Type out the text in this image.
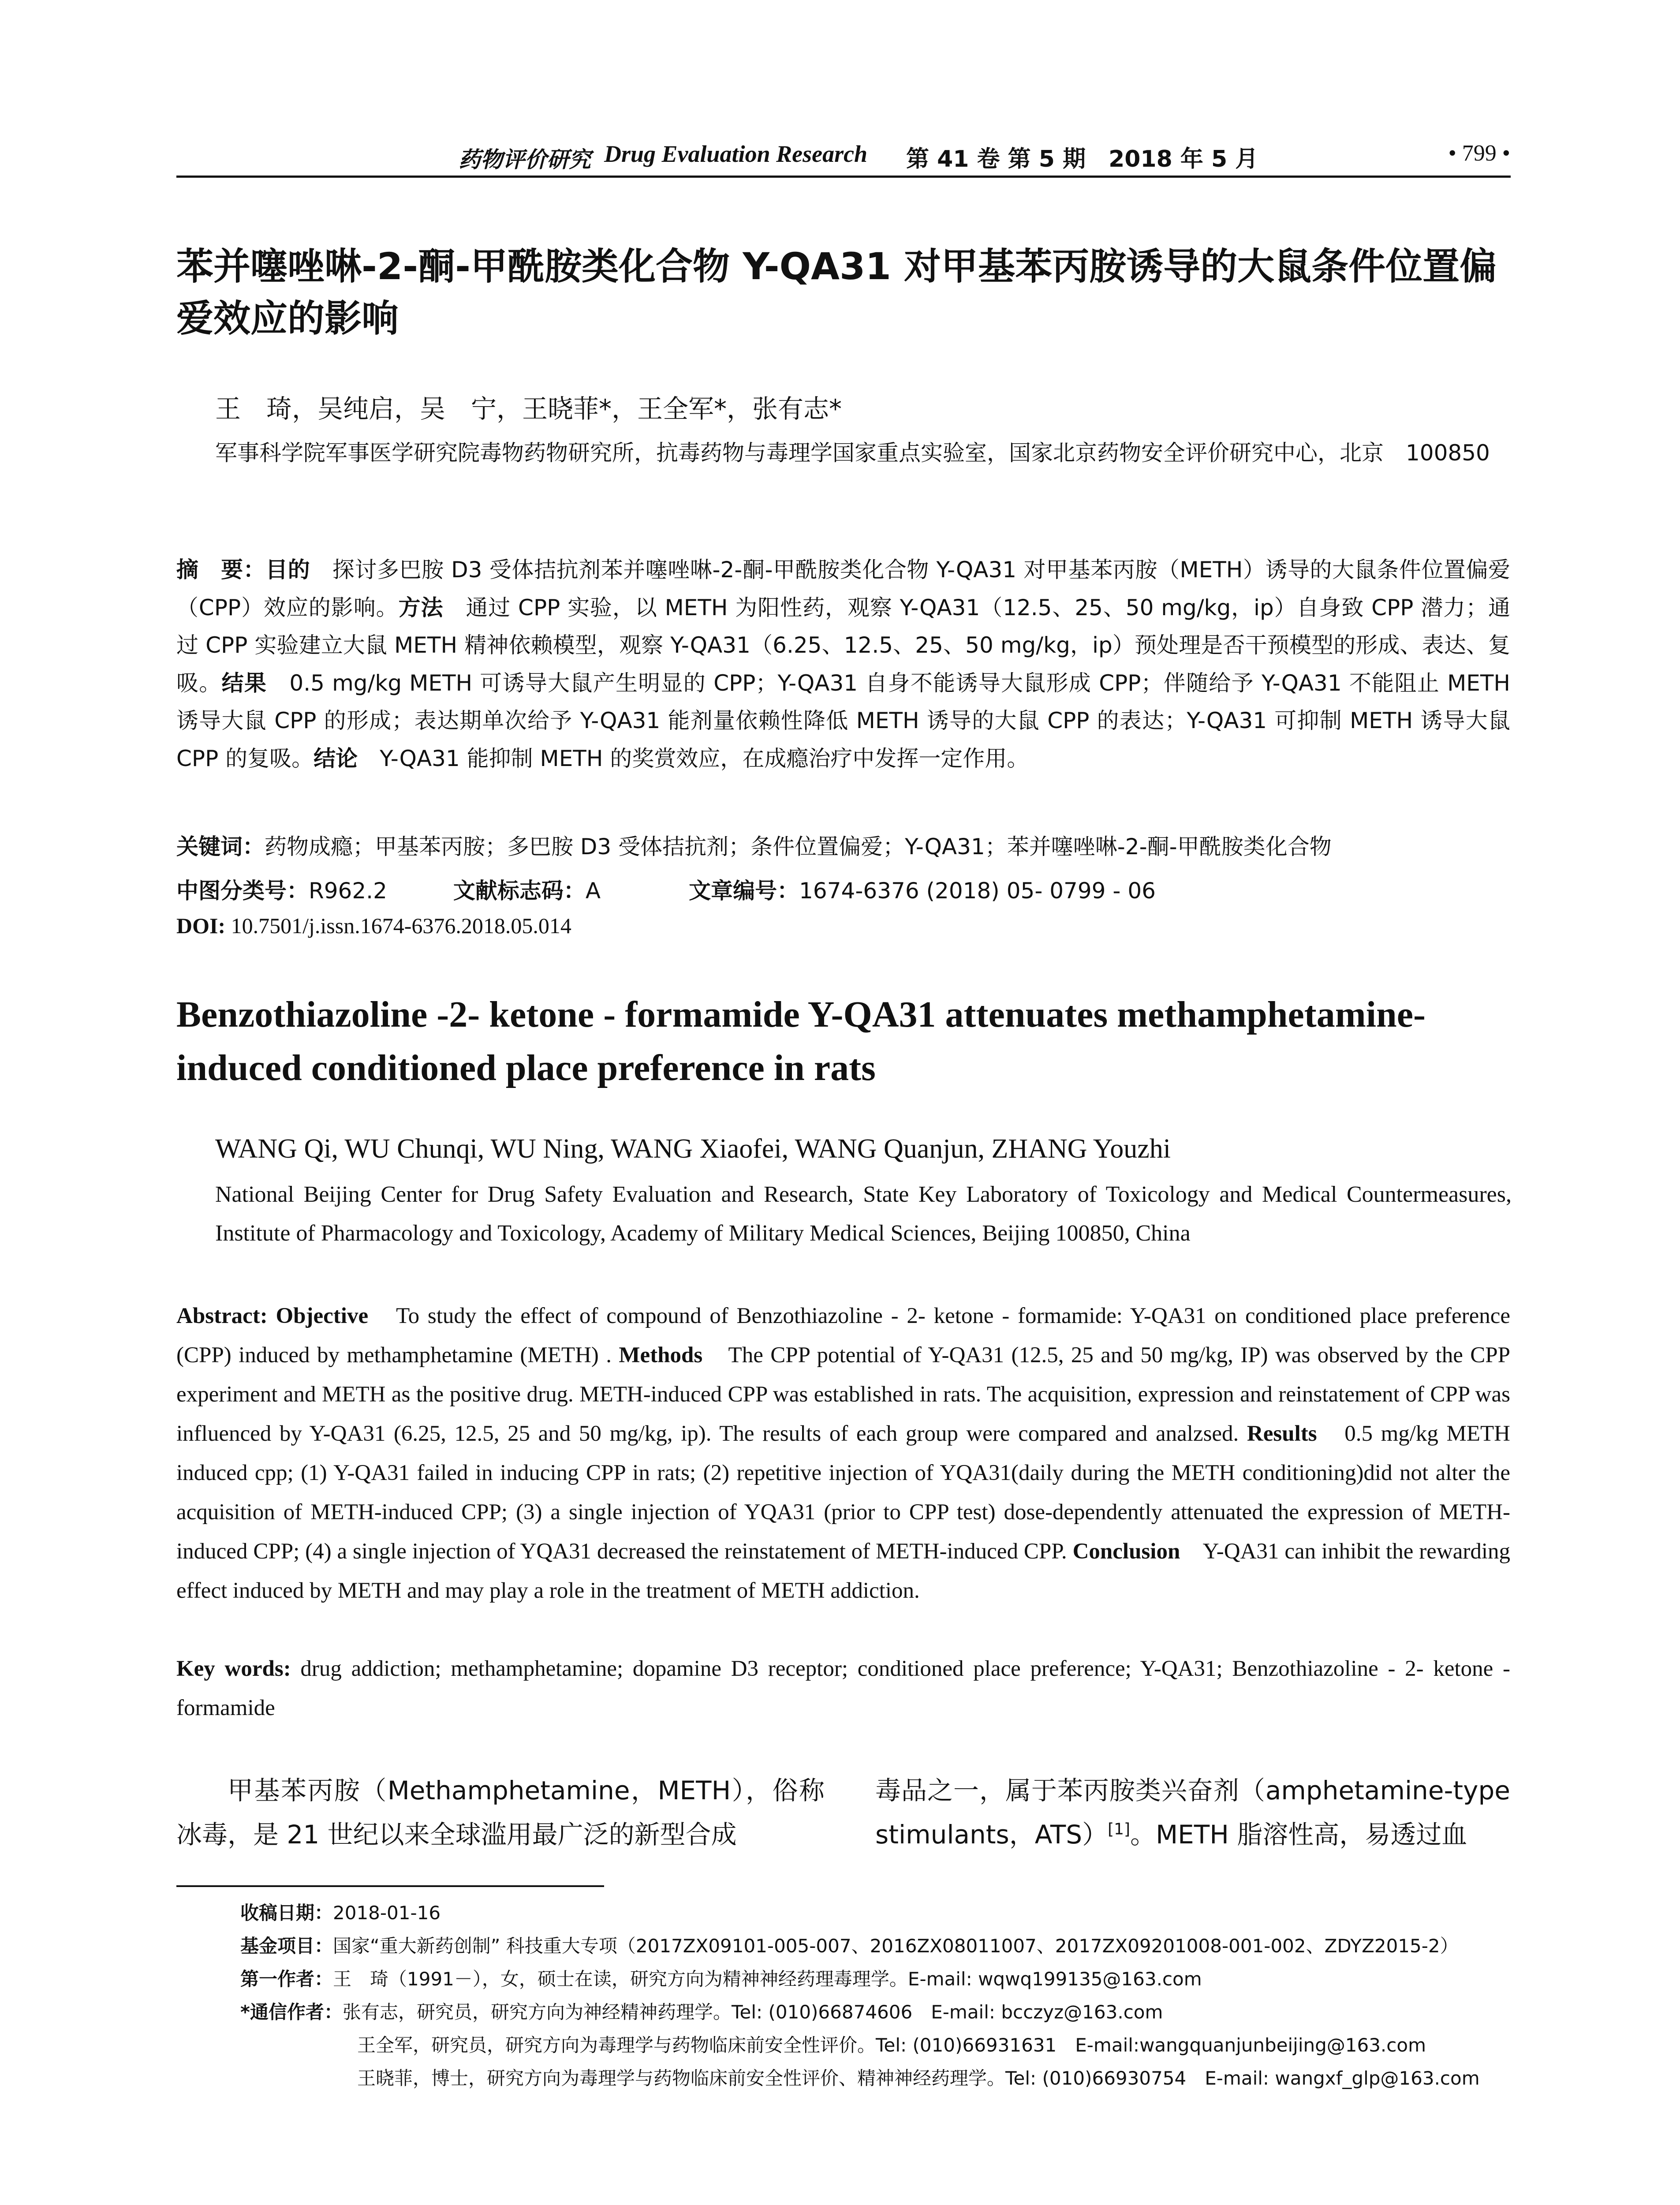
药物评价研究 Drug Evaluation Research 第 41 卷 第 5 期　2018 年 5 月	• 799 •
苯并噻唑啉-2-酮-甲酰胺类化合物 Y-QA31 对甲基苯丙胺诱导的大鼠条件位置偏爱效应的影响
王　琦，吴纯启，吴　宁，王晓菲*，王全军*，张有志*
军事科学院军事医学研究院毒物药物研究所，抗毒药物与毒理学国家重点实验室，国家北京药物安全评价研究中心，北京　100850
摘　要：目的　探讨多巴胺 D3 受体拮抗剂苯并噻唑啉-2-酮-甲酰胺类化合物 Y-QA31 对甲基苯丙胺（METH）诱导的大鼠条件位置偏爱（CPP）效应的影响。方法　通过 CPP 实验，以 METH 为阳性药，观察 Y-QA31（12.5、25、50 mg/kg，ip）自身致 CPP 潜力；通过 CPP 实验建立大鼠 METH 精神依赖模型，观察 Y-QA31（6.25、12.5、25、50 mg/kg，ip）预处理是否干预模型的形成、表达、复吸。结果　0.5 mg/kg METH 可诱导大鼠产生明显的 CPP；Y-QA31 自身不能诱导大鼠形成 CPP；伴随给予 Y-QA31 不能阻止 METH 诱导大鼠 CPP 的形成；表达期单次给予 Y-QA31 能剂量依赖性降低 METH 诱导的大鼠 CPP 的表达；Y-QA31 可抑制 METH 诱导大鼠 CPP 的复吸。结论　Y-QA31 能抑制 METH 的奖赏效应，在成瘾治疗中发挥一定作用。
关键词：药物成瘾；甲基苯丙胺；多巴胺 D3 受体拮抗剂；条件位置偏爱；Y-QA31；苯并噻唑啉-2-酮-甲酰胺类化合物
中图分类号：R962.2	文献标志码：A	文章编号：1674-6376 (2018) 05- 0799 - 06
DOI: 10.7501/j.issn.1674-6376.2018.05.014
Benzothiazoline -2- ketone - formamide Y-QA31 attenuates methamphetamine-induced conditioned place preference in rats
WANG Qi, WU Chunqi, WU Ning, WANG Xiaofei, WANG Quanjun, ZHANG Youzhi
National Beijing Center for Drug Safety Evaluation and Research, State Key Laboratory of Toxicology and Medical Countermeasures, Institute of Pharmacology and Toxicology, Academy of Military Medical Sciences, Beijing 100850, China
Abstract: Objective　To study the effect of compound of Benzothiazoline - 2- ketone - formamide: Y-QA31 on conditioned place preference (CPP) induced by methamphetamine (METH) . Methods　The CPP potential of Y-QA31 (12.5, 25 and 50 mg/kg, IP) was observed by the CPP experiment and METH as the positive drug. METH-induced CPP was established in rats. The acquisition, expression and reinstatement of CPP was influenced by Y-QA31 (6.25, 12.5, 25 and 50 mg/kg, ip). The results of each group were compared and analzsed. Results　0.5 mg/kg METH induced cpp; (1) Y-QA31 failed in inducing CPP in rats; (2) repetitive injection of YQA31(daily during the METH conditioning)did not alter the acquisition of METH-induced CPP; (3) a single injection of YQA31 (prior to CPP test) dose-dependently attenuated the expression of METH-induced CPP; (4) a single injection of YQA31 decreased the reinstatement of METH-induced CPP. Conclusion　Y-QA31 can inhibit the rewarding effect induced by METH and may play a role in the treatment of METH addiction.
Key words: drug addiction; methamphetamine; dopamine D3 receptor; conditioned place preference; Y-QA31; Benzothiazoline - 2- ketone - formamide
甲基苯丙胺（Methamphetamine，METH），俗称冰毒，是 21 世纪以来全球滥用最广泛的新型合成
毒品之一，属于苯丙胺类兴奋剂（amphetamine-type stimulants，ATS）[1]。METH 脂溶性高，易透过血
收稿日期：2018-01-16
基金项目：国家“重大新药创制” 科技重大专项（2017ZX09101-005-007、2016ZX08011007、2017ZX09201008-001-002、ZDYZ2015-2）
第一作者：王　琦（1991－），女，硕士在读，研究方向为精神神经药理毒理学。E-mail: wqwq199135@163.com
*通信作者：张有志，研究员，研究方向为神经精神药理学。Tel: (010)66874606　E-mail: bcczyz@163.com
王全军，研究员，研究方向为毒理学与药物临床前安全性评价。Tel: (010)66931631　E-mail:wangquanjunbeijing@163.com
王晓菲，博士，研究方向为毒理学与药物临床前安全性评价、精神神经药理学。Tel: (010)66930754　E-mail: wangxf_glp@163.com
